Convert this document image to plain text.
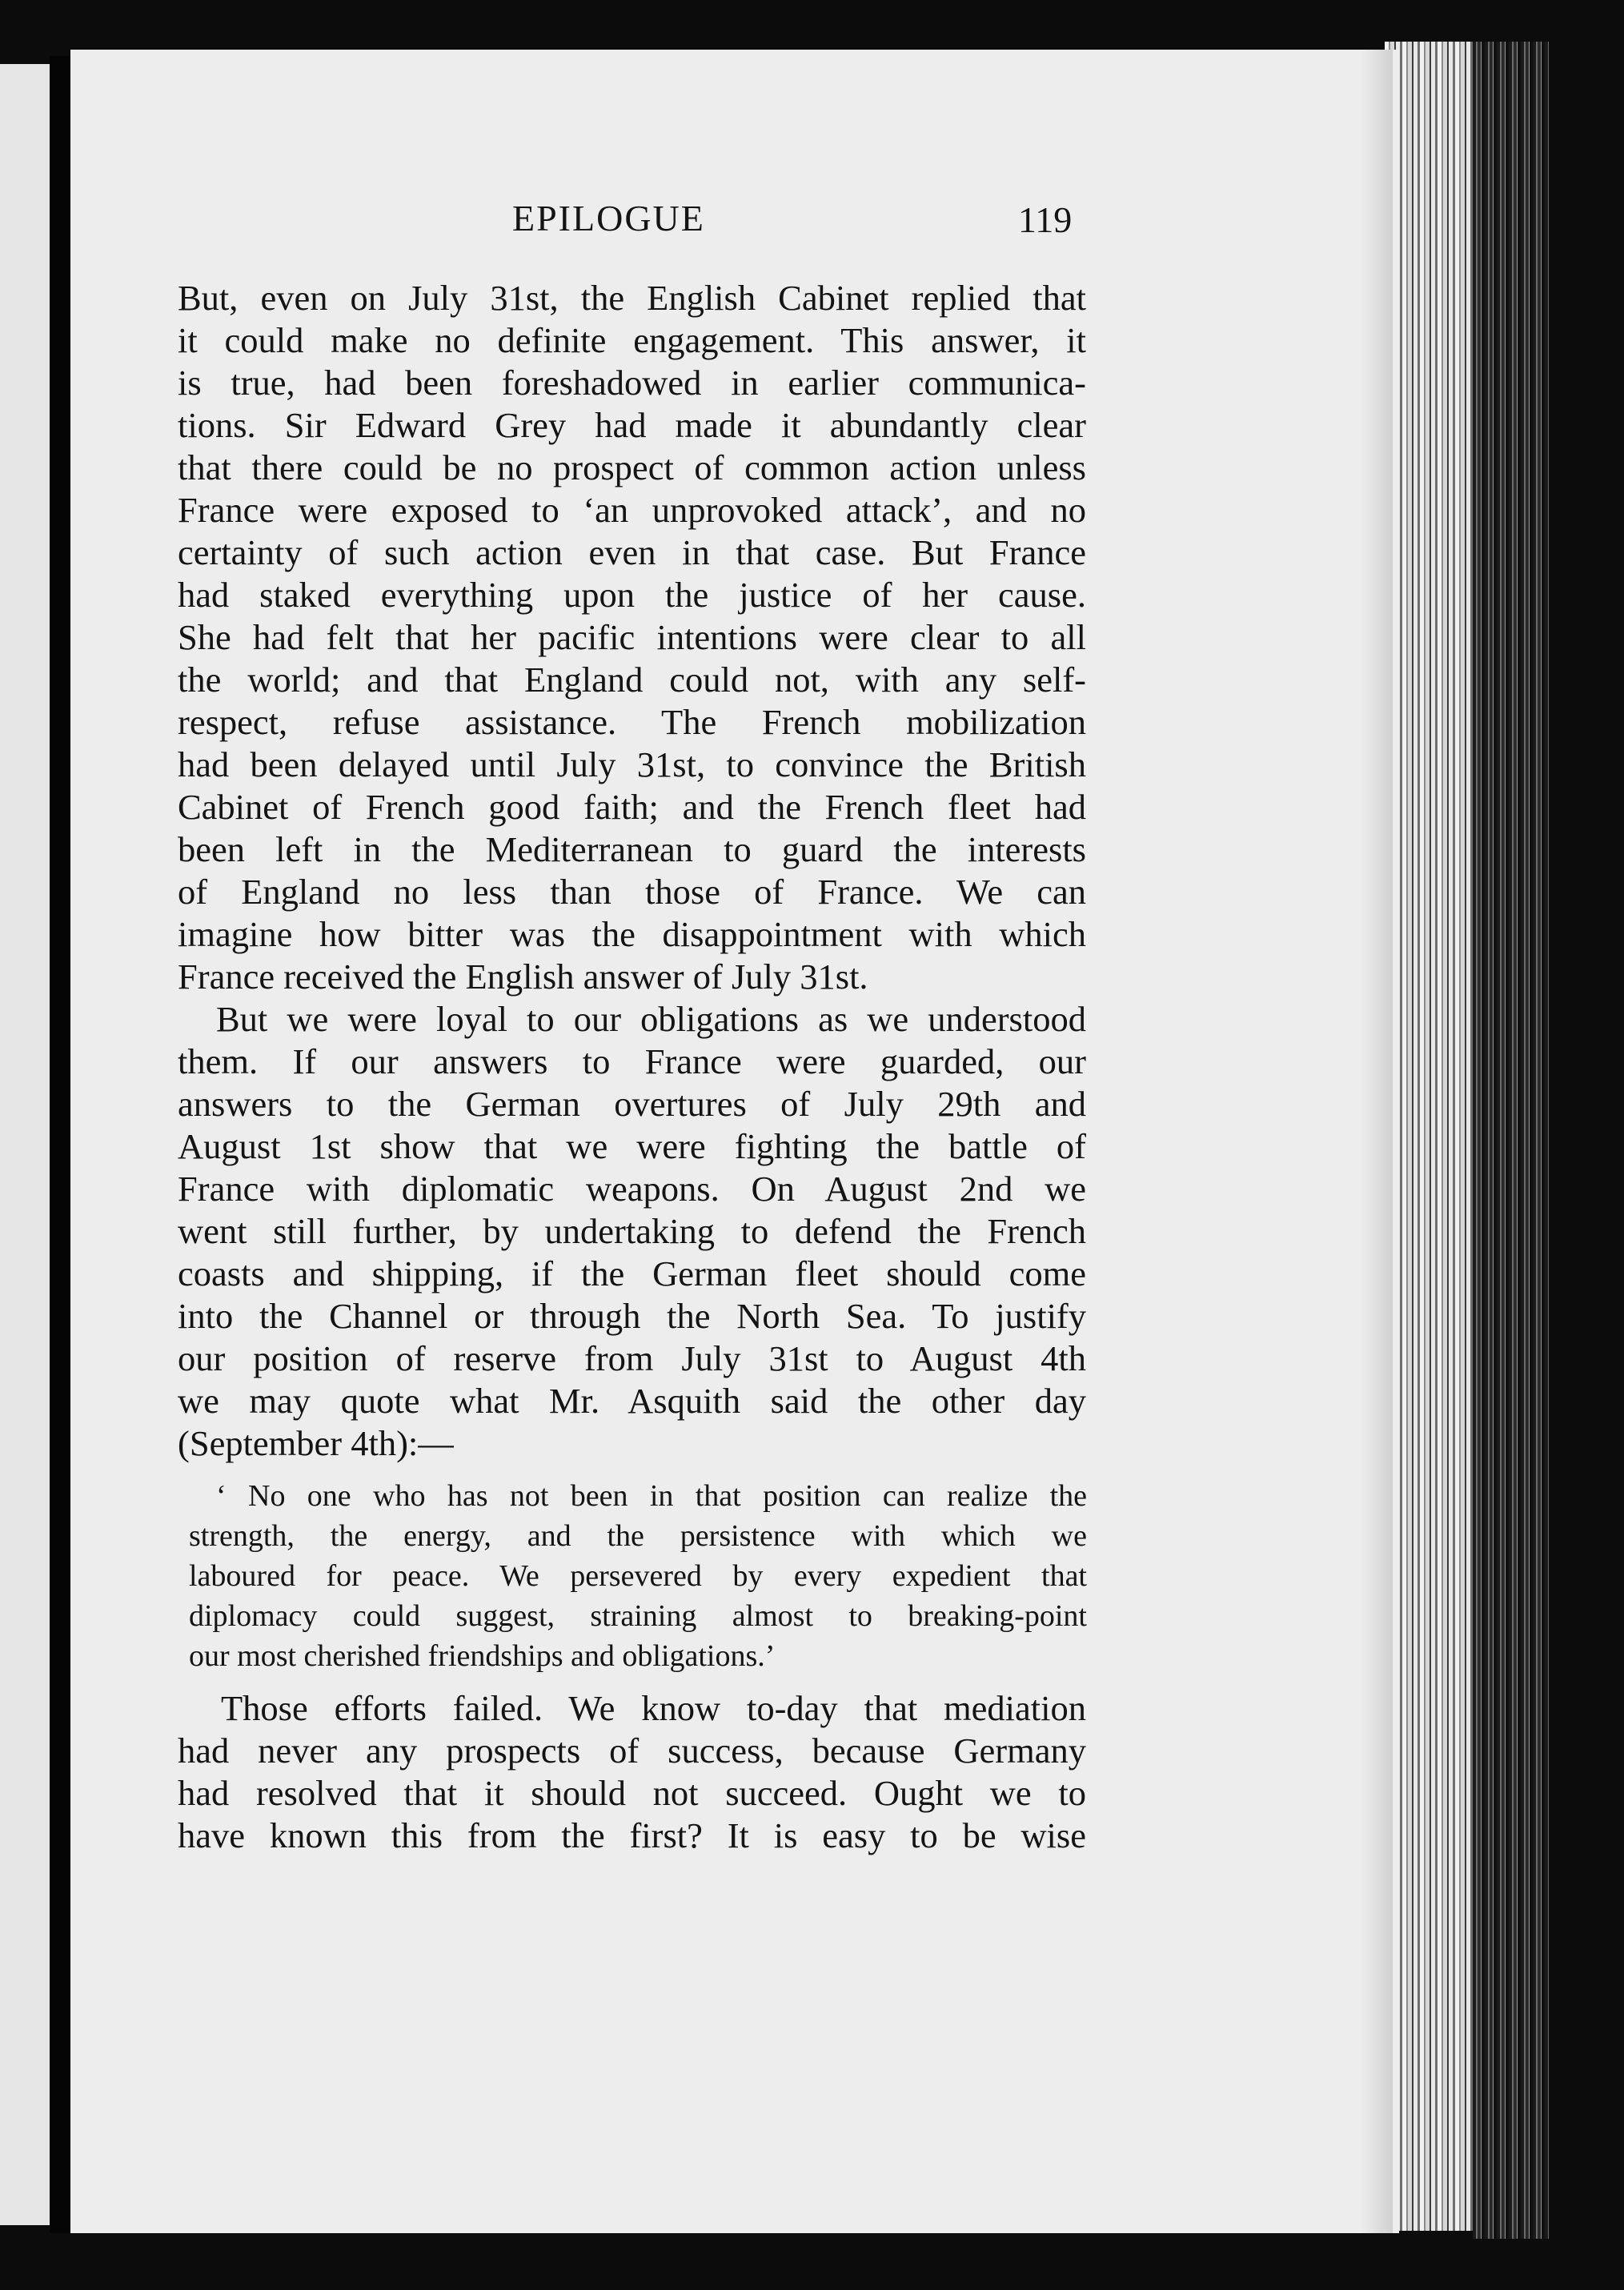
EPILOGUE	119
But, even on July 31st, the English Cabinet replied that
it could make no definite engagement. This answer, it
is true, had been foreshadowed in earlier communica-
tions. Sir Edward Grey had made it abundantly clear
that there could be no prospect of common action unless
France were exposed to ‘an unprovoked attack’, and no
certainty of such action even in that case. But France
had staked everything upon the justice of her cause.
She had felt that her pacific intentions were clear to all
the world; and that England could not, with any self-
respect, refuse assistance. The French mobilization
had been delayed until July 31st, to convince the British
Cabinet of French good faith; and the French fleet had
been left in the Mediterranean to guard the interests
of England no less than those of France. We can
imagine how bitter was the disappointment with which
France received the English answer of July 31st.
But we were loyal to our obligations as we understood
them. If our answers to France were guarded, our
answers to the German overtures of July 29th and
August 1st show that we were fighting the battle of
France with diplomatic weapons. On August 2nd we
went still further, by undertaking to defend the French
coasts and shipping, if the German fleet should come
into the Channel or through the North Sea. To justify
our position of reserve from July 31st to August 4th
we may quote what Mr. Asquith said the other day
(September 4th):—
‘ No one who has not been in that position can realize the
strength, the energy, and the persistence with which we
laboured for peace. We persevered by every expedient that
diplomacy could suggest, straining almost to breaking-point
our most cherished friendships and obligations.’
Those efforts failed. We know to-day that mediation
had never any prospects of success, because Germany
had resolved that it should not succeed. Ought we to
have known this from the first? It is easy to be wise
